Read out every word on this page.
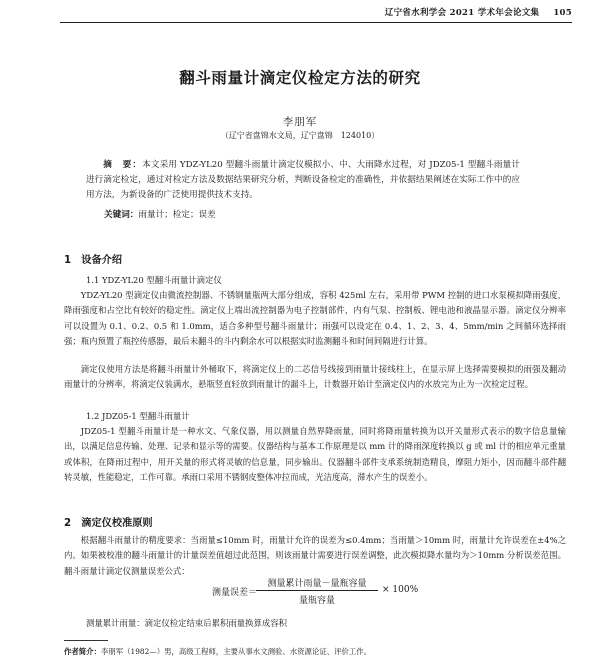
辽宁省水利学会 2021 学术年会论文集 105
翻斗雨量计滴定仪检定方法的研究
李朋军
（辽宁省盘锦水文局，辽宁盘锦　124010）
摘　要：本文采用 YDZ-YL20 型翻斗雨量计滴定仪模拟小、中、大雨降水过程，对 JDZ05-1 型翻斗雨量计进行滴定检定，通过对检定方法及数据结果研究分析，判断设备检定的准确性，并依据结果阐述在实际工作中的应用方法，为新设备的广泛使用提供技术支持。
关键词：雨量计；检定；误差
1　设备介绍
1.1 YDZ-YL20 型翻斗雨量计滴定仪
YDZ-YL20 型滴定仪由微流控制器、不锈钢量瓶两大部分组成，容积 425ml 左右，采用带 PWM 控制的进口水泵模拟降雨强度，降雨强度和占空比有较好的稳定性。滴定仪上端出流控制器为电子控制部件，内有气泵、控制板、锂电池和液晶显示器。滴定仪分辨率可以设置为 0.1、0.2、0.5 和 1.0mm，适合多种型号翻斗雨量计；雨强可以设定在 0.4、1、2、3、4、5mm/min 之间循环选择雨强；瓶内预置了瓶控传感器，最后未翻斗的斗内剩余水可以根据实时监测翻斗和时间间隔进行计算。
滴定仪使用方法是将翻斗雨量计外桶取下，将滴定仪上的二芯信号线接到雨量计接线柱上，在显示屏上选择需要模拟的雨强及翻动雨量计的分辨率，将滴定仪装满水，悬瓶竖直轻放到雨量计的漏斗上，计数器开始计至滴定仪内的水放完为止为一次检定过程。
1.2 JDZ05-1 型翻斗雨量计
JDZ05-1 型翻斗雨量计是一种水文、气象仪器，用以测量自然界降雨量，同时将降雨量转换为以开关量形式表示的数字信息量输出，以满足信息传输、处理、记录和显示等的需要。仪器结构与基本工作原理是以 mm 计的降雨深度转换以 g 或 ml 计的相应单元重量或体积，在降雨过程中，用开关量的形式将灵敏的信息量，同步输出。仪器翻斗部件支承系统制造精良，摩阻力矩小，因而翻斗部件翻转灵敏，性能稳定，工作可靠。承雨口采用不锈钢皮整体冲拉而成，光洁度高，滞水产生的误差小。
2　滴定仪校准原则
根据翻斗雨量计的精度要求：当雨量≤10mm 时，雨量计允许的误差为≤0.4mm；当雨量＞10mm 时，雨量计允许误差在±4%之内。如果被校准的翻斗雨量计的计量误差值超过此范围，则该雨量计需要进行误差调整，此次模拟降水量均为＞10mm 分析误差范围。翻斗雨量计滴定仪测量误差公式：
测量误差＝
测量累计雨量－量瓶容量
量瓶容量
× 100%
测量累计雨量：滴定仪检定结束后累积雨量换算成容积
作者简介：李朋军（1982—）男，高级工程师，主要从事水文测验、水资源论证、评价工作。
